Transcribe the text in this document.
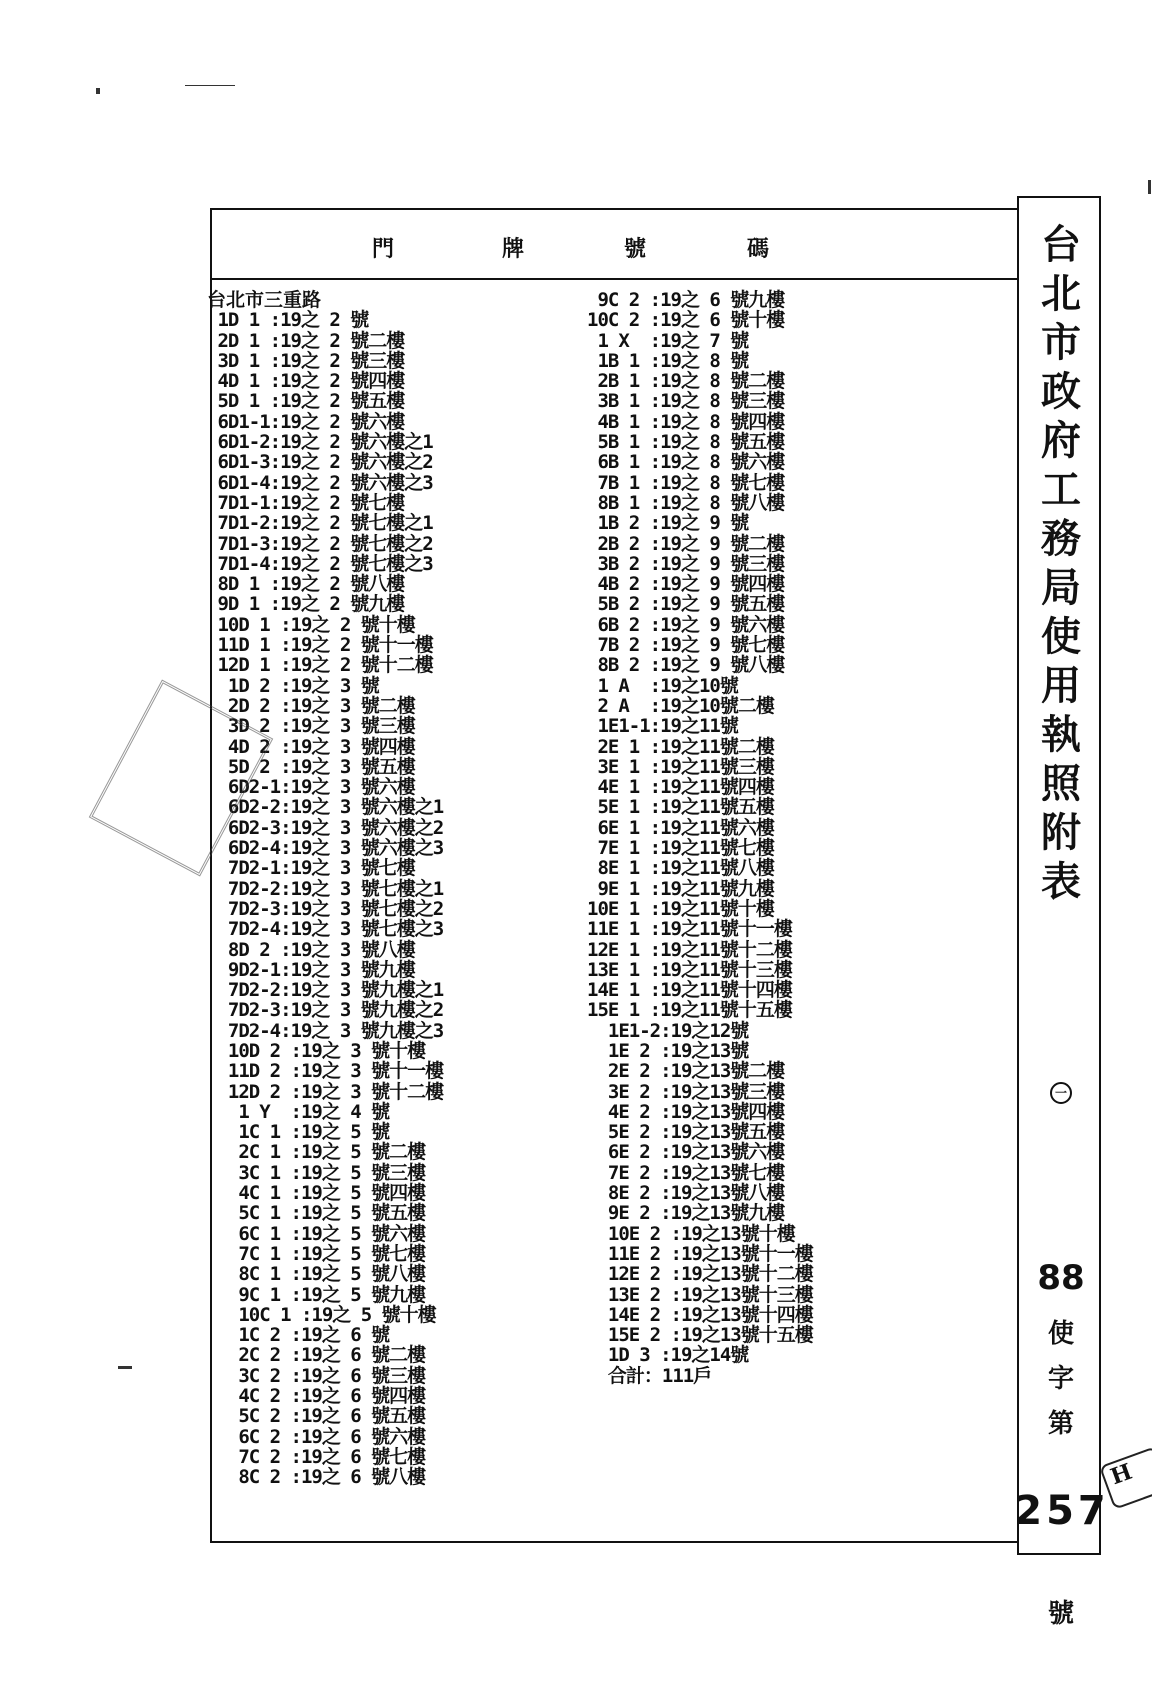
門	牌	號	碼
台北市三重路
1D 1 :19之 2 號
2D 1 :19之 2 號二樓
3D 1 :19之 2 號三樓
4D 1 :19之 2 號四樓
5D 1 :19之 2 號五樓
6D1-1:19之 2 號六樓
6D1-2:19之 2 號六樓之1
6D1-3:19之 2 號六樓之2
6D1-4:19之 2 號六樓之3
7D1-1:19之 2 號七樓
7D1-2:19之 2 號七樓之1
7D1-3:19之 2 號七樓之2
7D1-4:19之 2 號七樓之3
8D 1 :19之 2 號八樓
9D 1 :19之 2 號九樓
10D 1 :19之 2 號十樓
11D 1 :19之 2 號十一樓
12D 1 :19之 2 號十二樓
1D 2 :19之 3 號
2D 2 :19之 3 號二樓
3D 2 :19之 3 號三樓
4D 2 :19之 3 號四樓
5D 2 :19之 3 號五樓
6D2-1:19之 3 號六樓
6D2-2:19之 3 號六樓之1
6D2-3:19之 3 號六樓之2
6D2-4:19之 3 號六樓之3
7D2-1:19之 3 號七樓
7D2-2:19之 3 號七樓之1
7D2-3:19之 3 號七樓之2
7D2-4:19之 3 號七樓之3
8D 2 :19之 3 號八樓
9D2-1:19之 3 號九樓
7D2-2:19之 3 號九樓之1
7D2-3:19之 3 號九樓之2
7D2-4:19之 3 號九樓之3
10D 2 :19之 3 號十樓
11D 2 :19之 3 號十一樓
12D 2 :19之 3 號十二樓
1 Y  :19之 4 號
1C 1 :19之 5 號
2C 1 :19之 5 號二樓
3C 1 :19之 5 號三樓
4C 1 :19之 5 號四樓
5C 1 :19之 5 號五樓
6C 1 :19之 5 號六樓
7C 1 :19之 5 號七樓
8C 1 :19之 5 號八樓
9C 1 :19之 5 號九樓
10C 1 :19之 5 號十樓
1C 2 :19之 6 號
2C 2 :19之 6 號二樓
3C 2 :19之 6 號三樓
4C 2 :19之 6 號四樓
5C 2 :19之 6 號五樓
6C 2 :19之 6 號六樓
7C 2 :19之 6 號七樓
8C 2 :19之 6 號八樓
9C 2 :19之 6 號九樓
10C 2 :19之 6 號十樓
1 X  :19之 7 號
1B 1 :19之 8 號
2B 1 :19之 8 號二樓
3B 1 :19之 8 號三樓
4B 1 :19之 8 號四樓
5B 1 :19之 8 號五樓
6B 1 :19之 8 號六樓
7B 1 :19之 8 號七樓
8B 1 :19之 8 號八樓
1B 2 :19之 9 號
2B 2 :19之 9 號二樓
3B 2 :19之 9 號三樓
4B 2 :19之 9 號四樓
5B 2 :19之 9 號五樓
6B 2 :19之 9 號六樓
7B 2 :19之 9 號七樓
8B 2 :19之 9 號八樓
1 A  :19之10號
2 A  :19之10號二樓
1E1-1:19之11號
2E 1 :19之11號二樓
3E 1 :19之11號三樓
4E 1 :19之11號四樓
5E 1 :19之11號五樓
6E 1 :19之11號六樓
7E 1 :19之11號七樓
8E 1 :19之11號八樓
9E 1 :19之11號九樓
10E 1 :19之11號十樓
11E 1 :19之11號十一樓
12E 1 :19之11號十二樓
13E 1 :19之11號十三樓
14E 1 :19之11號十四樓
15E 1 :19之11號十五樓
1E1-2:19之12號
1E 2 :19之13號
2E 2 :19之13號二樓
3E 2 :19之13號三樓
4E 2 :19之13號四樓
5E 2 :19之13號五樓
6E 2 :19之13號六樓
7E 2 :19之13號七樓
8E 2 :19之13號八樓
9E 2 :19之13號九樓
10E 2 :19之13號十樓
11E 2 :19之13號十一樓
12E 2 :19之13號十二樓
13E 2 :19之13號十三樓
14E 2 :19之13號十四樓
15E 2 :19之13號十五樓
1D 3 :19之14號
合計：111戶
台
北
市
政
府
工
務
局
使
用
執
照
附
表
一
88
使
字
第
257
號
H
